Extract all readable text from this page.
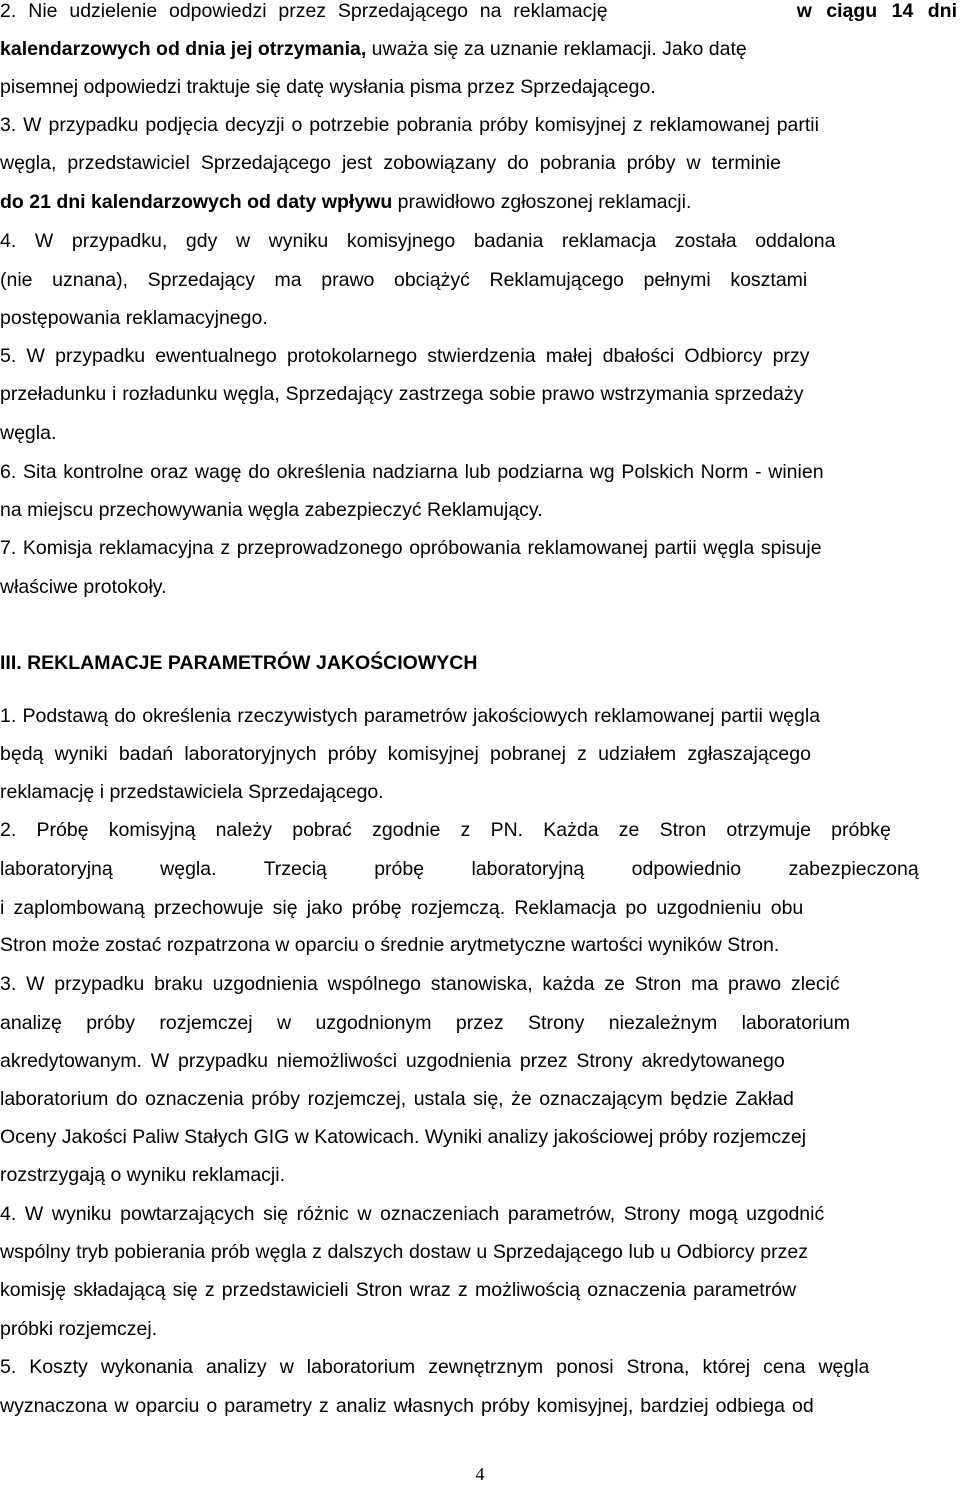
2. Nie udzielenie odpowiedzi przez Sprzedającego na reklamację	w ciągu 14 dni
kalendarzowych od dnia jej otrzymania, uważa się za uznanie reklamacji. Jako datę
pisemnej odpowiedzi traktuje się datę wysłania pisma przez Sprzedającego.
3. W przypadku podjęcia decyzji o potrzebie pobrania próby komisyjnej z reklamowanej partii
węgla, przedstawiciel Sprzedającego jest zobowiązany do pobrania próby w terminie
do 21 dni kalendarzowych od daty wpływu prawidłowo zgłoszonej reklamacji.
4. W przypadku, gdy w wyniku komisyjnego badania reklamacja została oddalona
(nie uznana), Sprzedający ma prawo obciążyć Reklamującego pełnymi kosztami
postępowania reklamacyjnego.
5. W przypadku ewentualnego protokolarnego stwierdzenia małej dbałości Odbiorcy przy
przeładunku i rozładunku węgla, Sprzedający zastrzega sobie prawo wstrzymania sprzedaży
węgla.
6. Sita kontrolne oraz wagę do określenia nadziarna lub podziarna wg Polskich Norm - winien
na miejscu przechowywania węgla zabezpieczyć Reklamujący.
7. Komisja reklamacyjna z przeprowadzonego opróbowania reklamowanej partii węgla spisuje
właściwe protokoły.
III. REKLAMACJE PARAMETRÓW JAKOŚCIOWYCH
1. Podstawą do określenia rzeczywistych parametrów jakościowych reklamowanej partii węgla
będą wyniki badań laboratoryjnych próby komisyjnej pobranej z udziałem zgłaszającego
reklamację i przedstawiciela Sprzedającego.
2. Próbę komisyjną należy pobrać zgodnie z PN. Każda ze Stron otrzymuje próbkę
laboratoryjną węgla. Trzecią próbę laboratoryjną odpowiednio zabezpieczoną
i zaplombowaną przechowuje się jako próbę rozjemczą. Reklamacja po uzgodnieniu obu
Stron może zostać rozpatrzona w oparciu o średnie arytmetyczne wartości wyników Stron.
3. W przypadku braku uzgodnienia wspólnego stanowiska, każda ze Stron ma prawo zlecić
analizę próby rozjemczej w uzgodnionym przez Strony niezależnym laboratorium
akredytowanym. W przypadku niemożliwości uzgodnienia przez Strony akredytowanego
laboratorium do oznaczenia próby rozjemczej, ustala się, że oznaczającym będzie Zakład
Oceny Jakości Paliw Stałych GIG w Katowicach. Wyniki analizy jakościowej próby rozjemczej
rozstrzygają o wyniku reklamacji.
4. W wyniku powtarzających się różnic w oznaczeniach parametrów, Strony mogą uzgodnić
wspólny tryb pobierania prób węgla z dalszych dostaw u Sprzedającego lub u Odbiorcy przez
komisję składającą się z przedstawicieli Stron wraz z możliwością oznaczenia parametrów
próbki rozjemczej.
5. Koszty wykonania analizy w laboratorium zewnętrznym ponosi Strona, której cena węgla
wyznaczona w oparciu o parametry z analiz własnych próby komisyjnej, bardziej odbiega od
4
